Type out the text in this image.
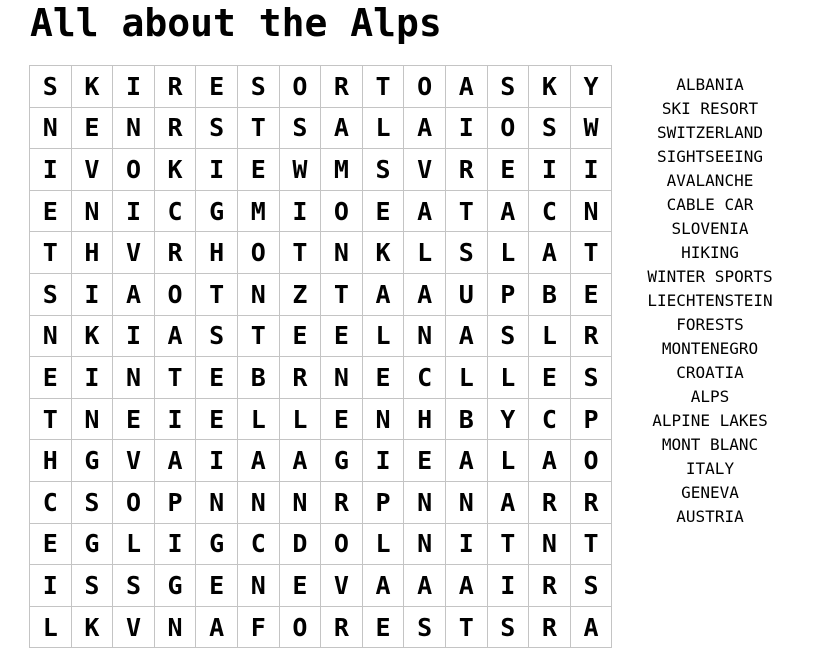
All about the Alps
S	K	I	R	E	S	O	R	T	O	A	S	K	Y
N	E	N	R	S	T	S	A	L	A	I	O	S	W
I	V	O	K	I	E	W	M	S	V	R	E	I	I
E	N	I	C	G	M	I	O	E	A	T	A	C	N
T	H	V	R	H	O	T	N	K	L	S	L	A	T
S	I	A	O	T	N	Z	T	A	A	U	P	B	E
N	K	I	A	S	T	E	E	L	N	A	S	L	R
E	I	N	T	E	B	R	N	E	C	L	L	E	S
T	N	E	I	E	L	L	E	N	H	B	Y	C	P
H	G	V	A	I	A	A	G	I	E	A	L	A	O
C	S	O	P	N	N	N	R	P	N	N	A	R	R
E	G	L	I	G	C	D	O	L	N	I	T	N	T
I	S	S	G	E	N	E	V	A	A	A	I	R	S
L	K	V	N	A	F	O	R	E	S	T	S	R	A
ALBANIA
SKI RESORT
SWITZERLAND
SIGHTSEEING
AVALANCHE
CABLE CAR
SLOVENIA
HIKING
WINTER SPORTS
LIECHTENSTEIN
FORESTS
MONTENEGRO
CROATIA
ALPS
ALPINE LAKES
MONT BLANC
ITALY
GENEVA
AUSTRIA
